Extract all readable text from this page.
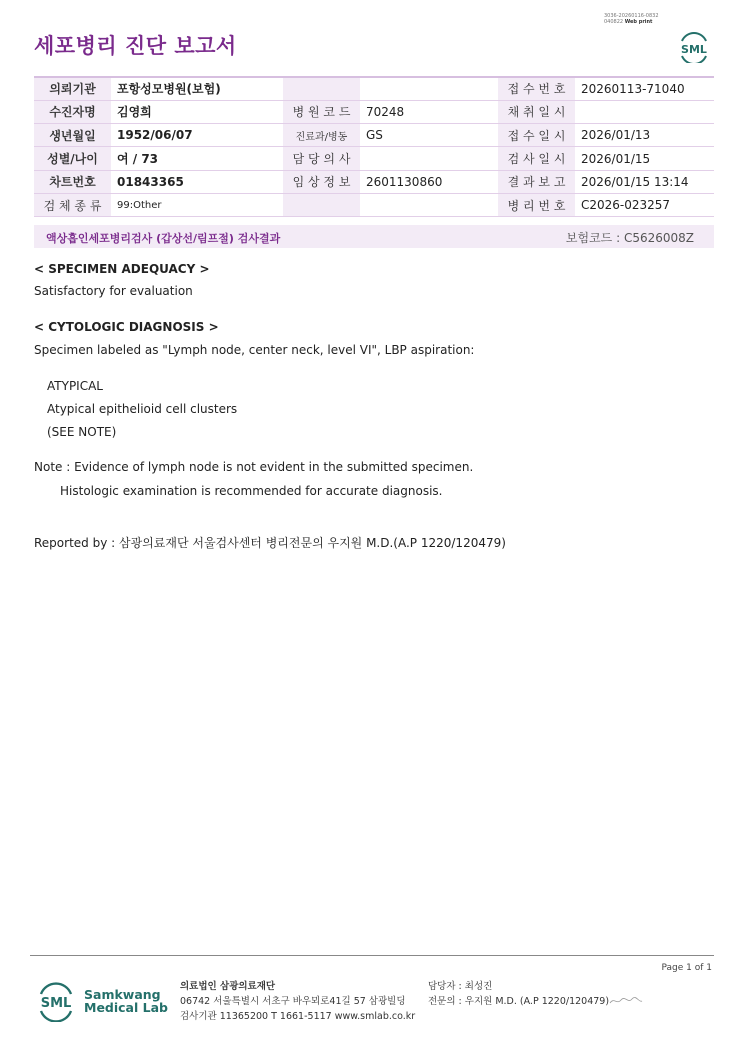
3036-20260116-0832
040822 Web print
세포병리 진단 보고서	SML
의뢰기관	포항성모병원(보험)			접 수 번 호	20260113-71040
수진자명	김영희	병 원 코 드	70248	채 취 일 시	
생년월일	1952/06/07	진료과/병동	GS	접 수 일 시	2026/01/13
성별/나이	여 / 73	담 당 의 사		검 사 일 시	2026/01/15
차트번호	01843365	임 상 정 보	2601130860	결 과 보 고	2026/01/15 13:14
검 체 종 류	99:Other			병 리 번 호	C2026-023257
액상흡인세포병리검사 (갑상선/림프절) 검사결과	보험코드 : C5626008Z
< SPECIMEN ADEQUACY >
Satisfactory for evaluation
< CYTOLOGIC DIAGNOSIS >
Specimen labeled as "Lymph node, center neck, level VI", LBP aspiration:
ATYPICAL
Atypical epithelioid cell clusters
(SEE NOTE)
Note : Evidence of lymph node is not evident in the submitted specimen.
Histologic examination is recommended for accurate diagnosis.
Reported by : 삼광의료재단 서울검사센터 병리전문의 우지원 M.D.(A.P 1220/120479)
Page 1 of 1
SML
Samkwang
Medical Lab
의료법인 삼광의료재단
06742 서울특별시 서초구 바우뫼로41길 57 삼광빌딩
검사기관 11365200 T 1661-5117 www.smlab.co.kr
담당자 : 최성진
전문의 : 우지원 M.D. (A.P 1220/120479)
